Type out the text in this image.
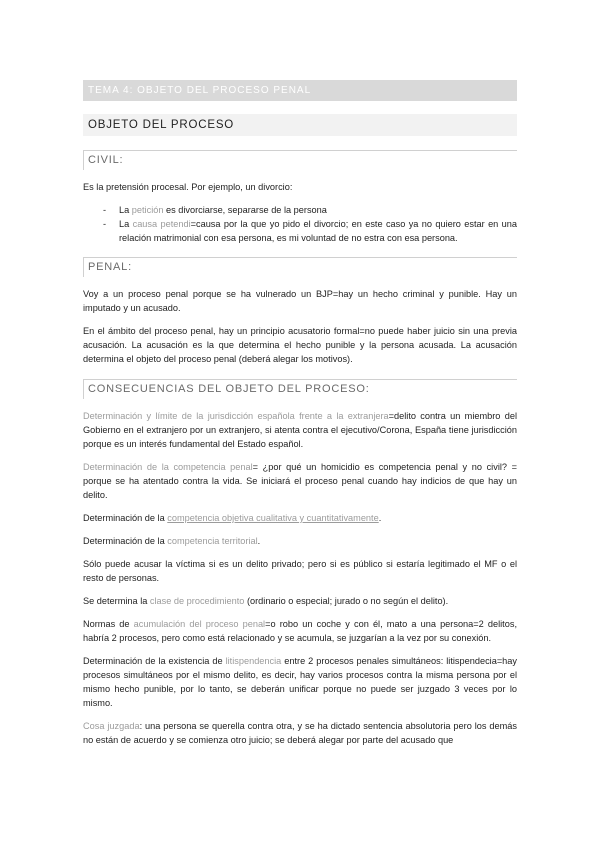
TEMA 4: OBJETO DEL PROCESO PENAL
OBJETO DEL PROCESO
CIVIL:

Es la pretensión procesal. Por ejemplo, un divorcio:

- La petición es divorciarse, separarse de la persona
- La causa petendi=causa por la que yo pido el divorcio; en este caso ya no quiero estar en una relación matrimonial con esa persona, es mi voluntad de no estra con esa persona.
PENAL:

Voy a un proceso penal porque se ha vulnerado un BJP=hay un hecho criminal y punible. Hay un imputado y un acusado.

En el ámbito del proceso penal, hay un principio acusatorio formal=no puede haber juicio sin una previa acusación. La acusación es la que determina el hecho punible y la persona acusada. La acusación determina el objeto del proceso penal (deberá alegar los motivos).

CONSECUENCIAS DEL OBJETO DEL PROCESO:

Determinación y límite de la jurisdicción española frente a la extranjera=delito contra un miembro del Gobierno en el extranjero por un extranjero, si atenta contra el ejecutivo/Corona, España tiene jurisdicción porque es un interés fundamental del Estado español.

Determinación de la competencia penal= ¿por qué un homicidio es competencia penal y no civil? = porque se ha atentado contra la vida. Se iniciará el proceso penal cuando hay indicios de que hay un delito.

Determinación de la competencia objetiva cualitativa y cuantitativamente.

Determinación de la competencia territorial.

Sólo puede acusar la víctima si es un delito privado; pero si es público si estaría legitimado el MF o el resto de personas.

Se determina la clase de procedimiento (ordinario o especial; jurado o no según el delito).

Normas de acumulación del proceso penal=o robo un coche y con él, mato a una persona=2 delitos, habría 2 procesos, pero como está relacionado y se acumula, se juzgarían a la vez por su conexión.

Determinación de la existencia de litispendencia entre 2 procesos penales simultáneos: litispendecia=hay procesos simultáneos por el mismo delito, es decir, hay varios procesos contra la misma persona por el mismo hecho punible, por lo tanto, se deberán unificar porque no puede ser juzgado 3 veces por lo mismo.

Cosa juzgada: una persona se querella contra otra, y se ha dictado sentencia absolutoria pero los demás no están de acuerdo y se comienza otro juicio; se deberá alegar por parte del acusado que
